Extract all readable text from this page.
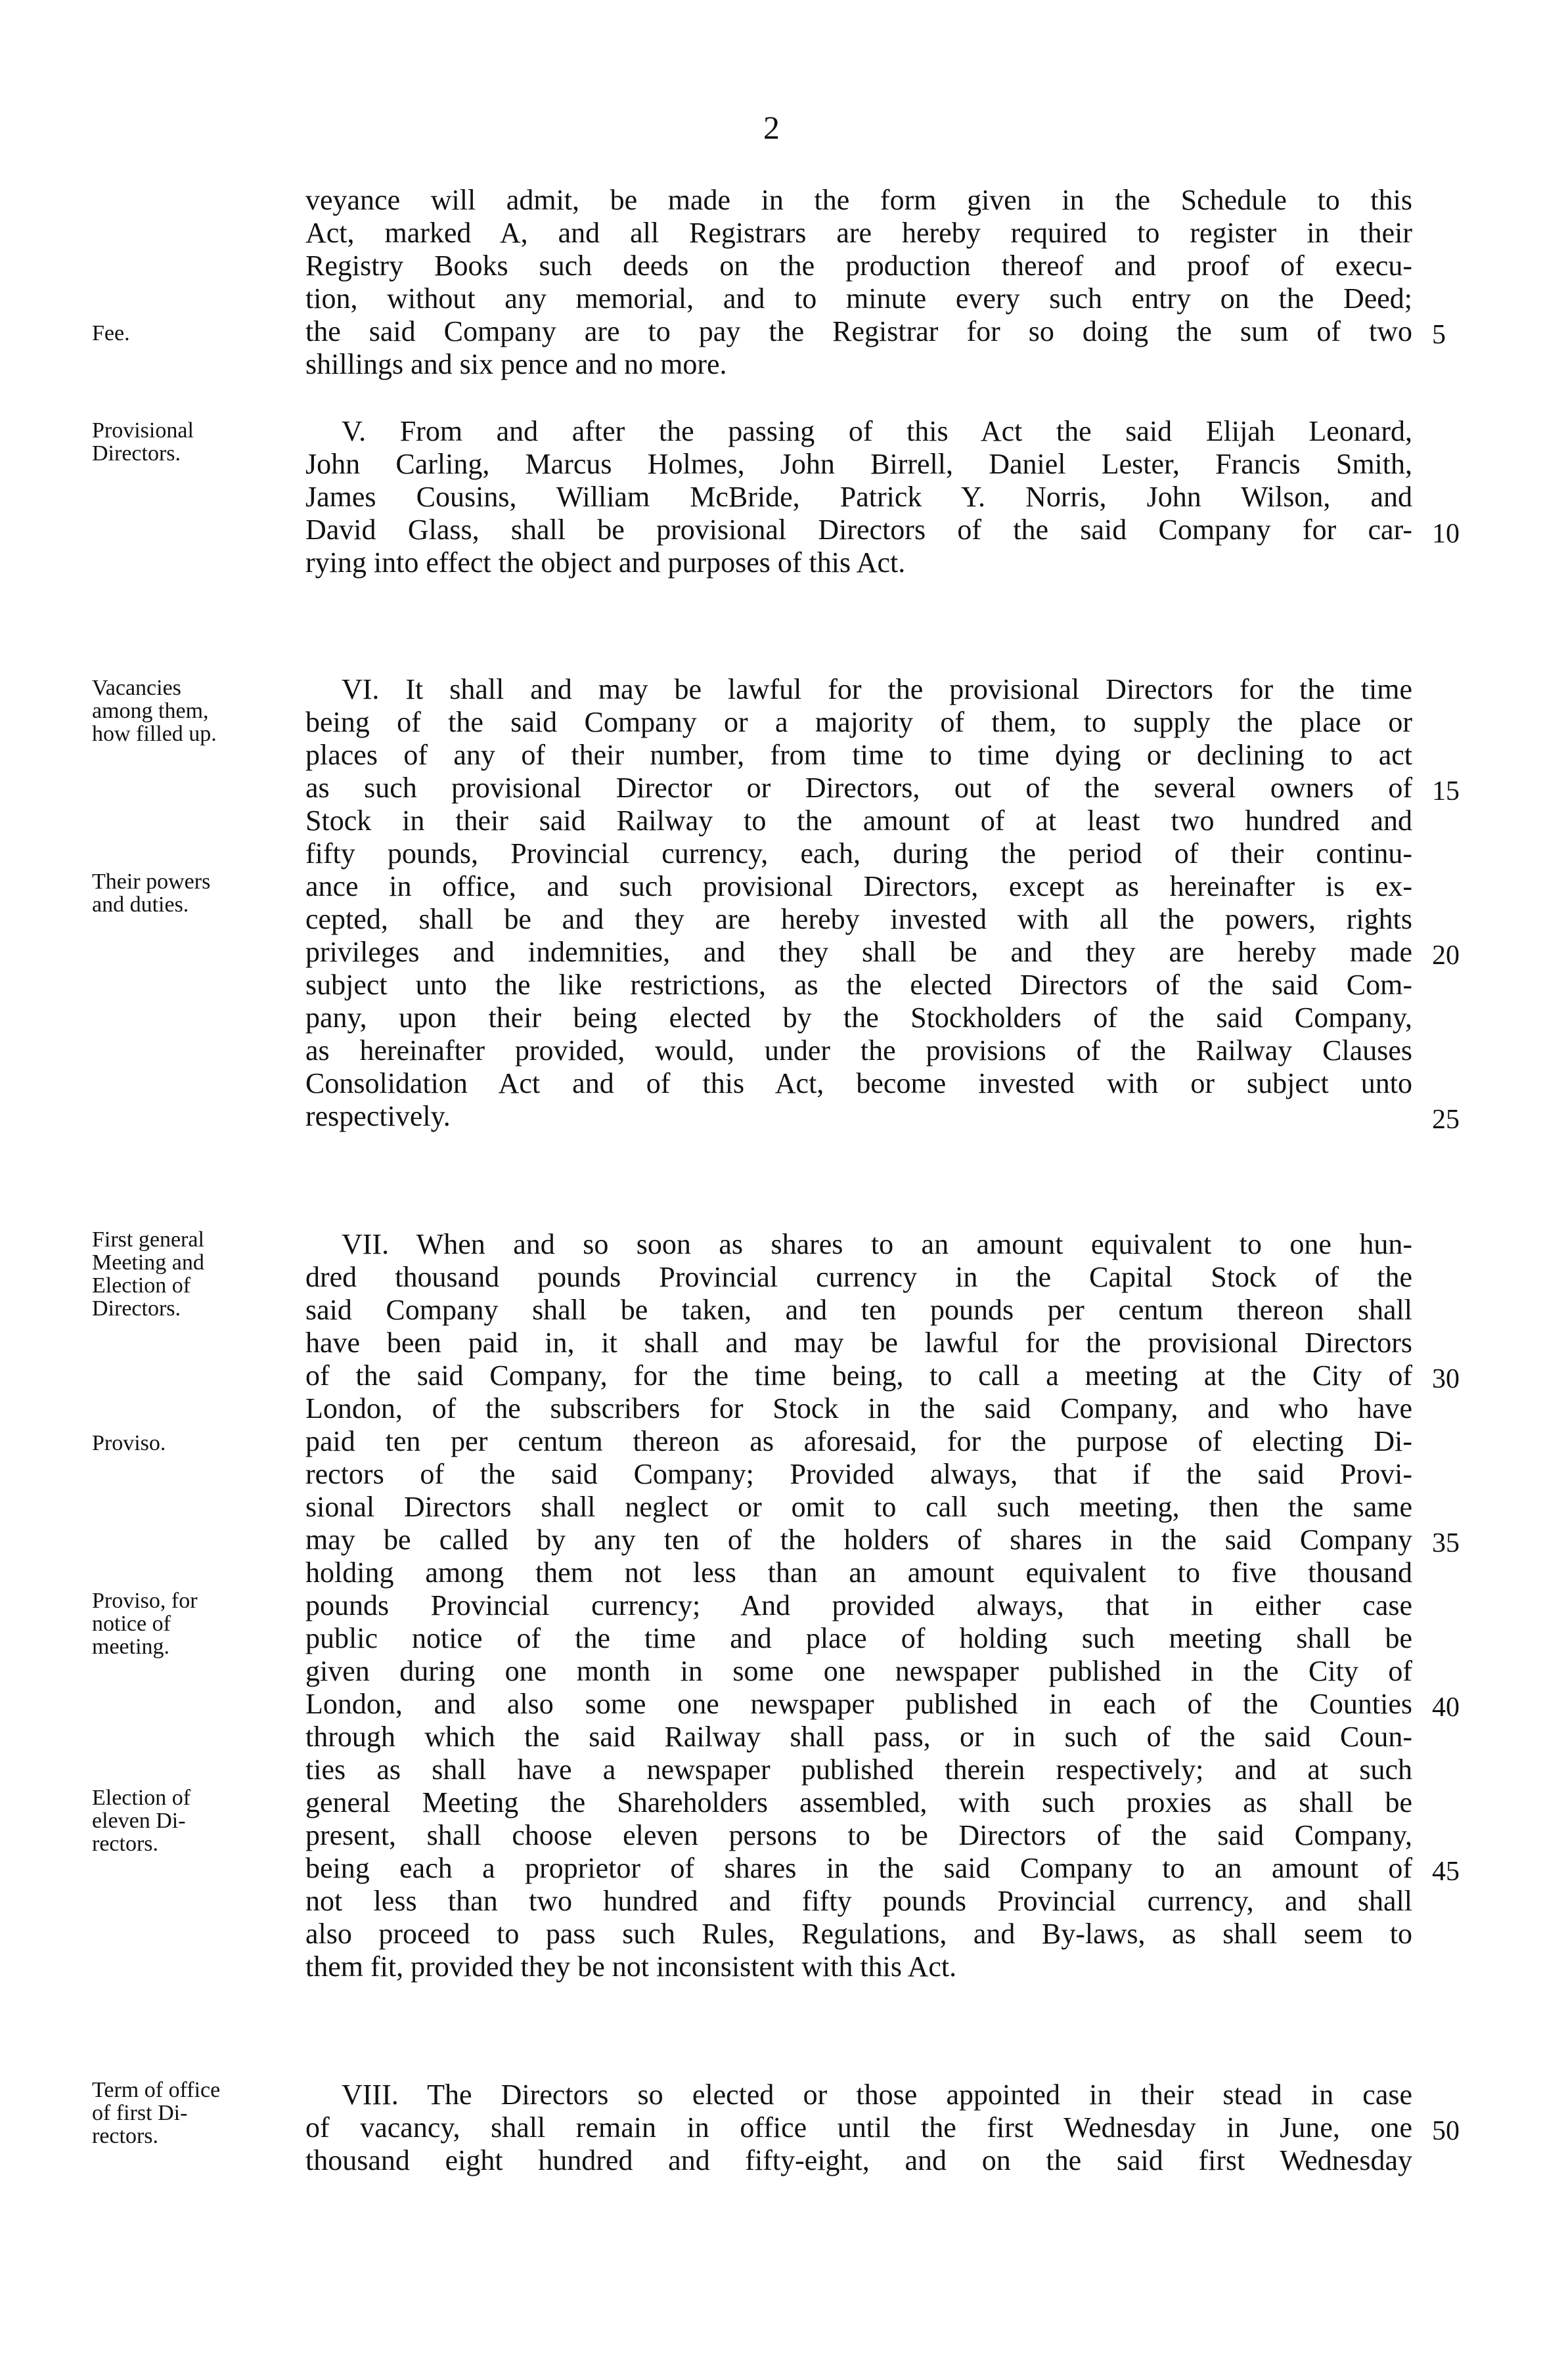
2
veyance will admit, be made in the form given in the Schedule to this
Act, marked A, and all Registrars are hereby required to register in their
Registry Books such deeds on the production thereof and proof of execu-
tion, without any memorial, and to minute every such entry on the Deed;
the said Company are to pay the Registrar for so doing the sum of two
shillings and six pence and no more.
V. From and after the passing of this Act the said Elijah Leonard,
John Carling, Marcus Holmes, John Birrell, Daniel Lester, Francis Smith,
James Cousins, William McBride, Patrick Y. Norris, John Wilson, and
David Glass, shall be provisional Directors of the said Company for car-
rying into effect the object and purposes of this Act.
VI. It shall and may be lawful for the provisional Directors for the time
being of the said Company or a majority of them, to supply the place or
places of any of their number, from time to time dying or declining to act
as such provisional Director or Directors, out of the several owners of
Stock in their said Railway to the amount of at least two hundred and
fifty pounds, Provincial currency, each, during the period of their continu-
ance in office, and such provisional Directors, except as hereinafter is ex-
cepted, shall be and they are hereby invested with all the powers, rights
privileges and indemnities, and they shall be and they are hereby made
subject unto the like restrictions, as the elected Directors of the said Com-
pany, upon their being elected by the Stockholders of the said Company,
as hereinafter provided, would, under the provisions of the Railway Clauses
Consolidation Act and of this Act, become invested with or subject unto
respectively.
VII. When and so soon as shares to an amount equivalent to one hun-
dred thousand pounds Provincial currency in the Capital Stock of the
said Company shall be taken, and ten pounds per centum thereon shall
have been paid in, it shall and may be lawful for the provisional Directors
of the said Company, for the time being, to call a meeting at the City of
London, of the subscribers for Stock in the said Company, and who have
paid ten per centum thereon as aforesaid, for the purpose of electing Di-
rectors of the said Company; Provided always, that if the said Provi-
sional Directors shall neglect or omit to call such meeting, then the same
may be called by any ten of the holders of shares in the said Company
holding among them not less than an amount equivalent to five thousand
pounds Provincial currency; And provided always, that in either case
public notice of the time and place of holding such meeting shall be
given during one month in some one newspaper published in the City of
London, and also some one newspaper published in each of the Counties
through which the said Railway shall pass, or in such of the said Coun-
ties as shall have a newspaper published therein respectively; and at such
general Meeting the Shareholders assembled, with such proxies as shall be
present, shall choose eleven persons to be Directors of the said Company,
being each a proprietor of shares in the said Company to an amount of
not less than two hundred and fifty pounds Provincial currency, and shall
also proceed to pass such Rules, Regulations, and By-laws, as shall seem to
them fit, provided they be not inconsistent with this Act.
VIII. The Directors so elected or those appointed in their stead in case
of vacancy, shall remain in office until the first Wednesday in June, one
thousand eight hundred and fifty-eight, and on the said first Wednesday
Fee.
Provisional
Directors.
Vacancies
among them,
how filled up.
Their powers
and duties.
First general
Meeting and
Election of
Directors.
Proviso.
Proviso, for
notice of
meeting.
Election of
eleven Di-
rectors.
Term of office
of first Di-
rectors.
5
10
15
20
25
30
35
40
45
50
